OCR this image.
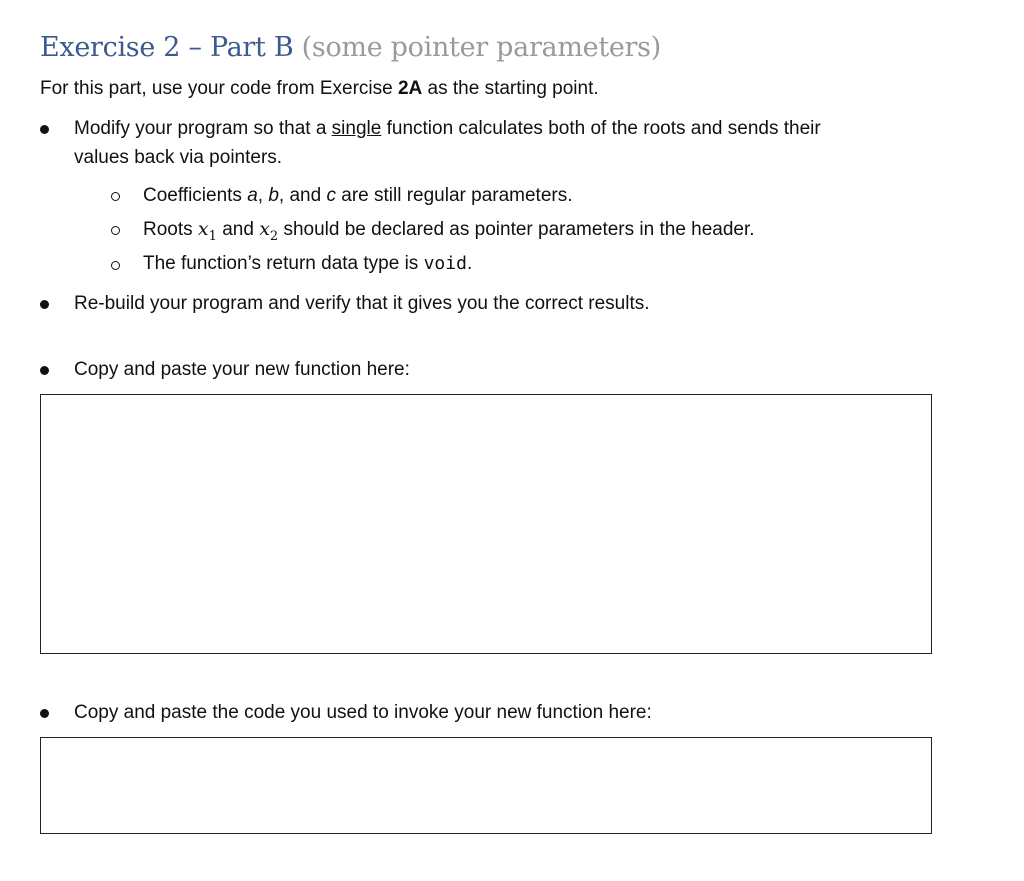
Exercise 2 – Part B (some pointer parameters)
For this part, use your code from Exercise 2A as the starting point.
Modify your program so that a single function calculates both of the roots and sends their
values back via pointers.
Coefficients a, b, and c are still regular parameters.
Roots $x_1$ and $x_2$ should be declared as pointer parameters in the header.
The function’s return data type is void.
Re-build your program and verify that it gives you the correct results.
Copy and paste your new function here:
Copy and paste the code you used to invoke your new function here:
